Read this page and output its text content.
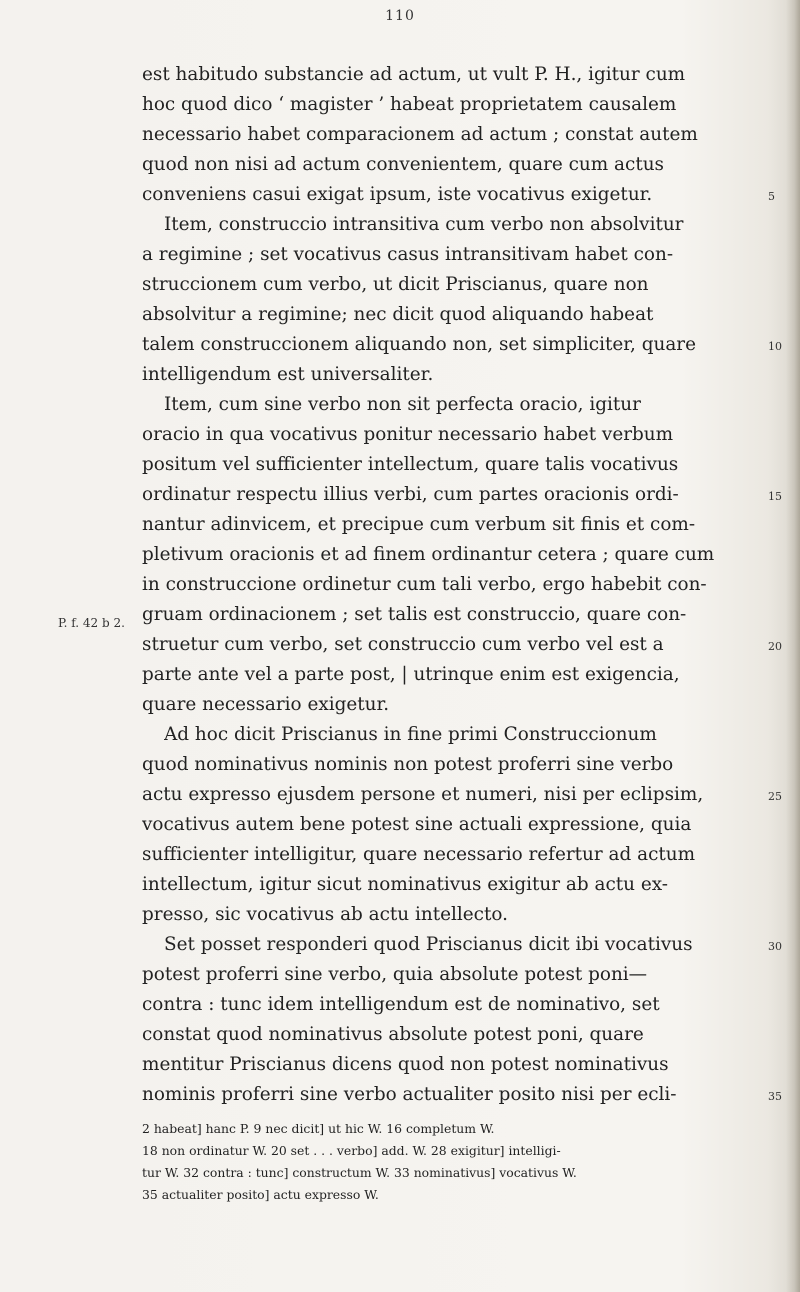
110
P. f. 42 b 2.
est habitudo substancie ad actum, ut vult P. H., igitur cum
hoc quod dico ‘ magister ’ habeat proprietatem causalem
necessario habet comparacionem ad actum ; constat autem
quod non nisi ad actum convenientem, quare cum actus
conveniens casui exigat ipsum, iste vocativus exigetur.
Item, construccio intransitiva cum verbo non absolvitur
a regimine ; set vocativus casus intransitivam habet con-
struccionem cum verbo, ut dicit Priscianus, quare non
absolvitur a regimine; nec dicit quod aliquando habeat
talem construccionem aliquando non, set simpliciter, quare
intelligendum est universaliter.
Item, cum sine verbo non sit perfecta oracio, igitur
oracio in qua vocativus ponitur necessario habet verbum
positum vel sufficienter intellectum, quare talis vocativus
ordinatur respectu illius verbi, cum partes oracionis ordi-
nantur adinvicem, et precipue cum verbum sit finis et com-
pletivum oracionis et ad finem ordinantur cetera ; quare cum
in construccione ordinetur cum tali verbo, ergo habebit con-
gruam ordinacionem ; set talis est construccio, quare con-
struetur cum verbo, set construccio cum verbo vel est a
parte ante vel a parte post, | utrinque enim est exigencia,
quare necessario exigetur.
Ad hoc dicit Priscianus in fine primi Construccionum
quod nominativus nominis non potest proferri sine verbo
actu expresso ejusdem persone et numeri, nisi per eclipsim,
vocativus autem bene potest sine actuali expressione, quia
sufficienter intelligitur, quare necessario refertur ad actum
intellectum, igitur sicut nominativus exigitur ab actu ex-
presso, sic vocativus ab actu intellecto.
Set posset responderi quod Priscianus dicit ibi vocativus
potest proferri sine verbo, quia absolute potest poni—
contra : tunc idem intelligendum est de nominativo, set
constat quod nominativus absolute potest poni, quare
mentitur Priscianus dicens quod non potest nominativus
nominis proferri sine verbo actualiter posito nisi per ecli-
5
10
15
20
25
30
35
2 habeat] hanc P. 9 nec dicit] ut hic W. 16 completum W.
18 non ordinatur W. 20 set . . . verbo] add. W. 28 exigitur] intelligi-
tur W. 32 contra : tunc] constructum W. 33 nominativus] vocativus W.
35 actualiter posito] actu expresso W.
